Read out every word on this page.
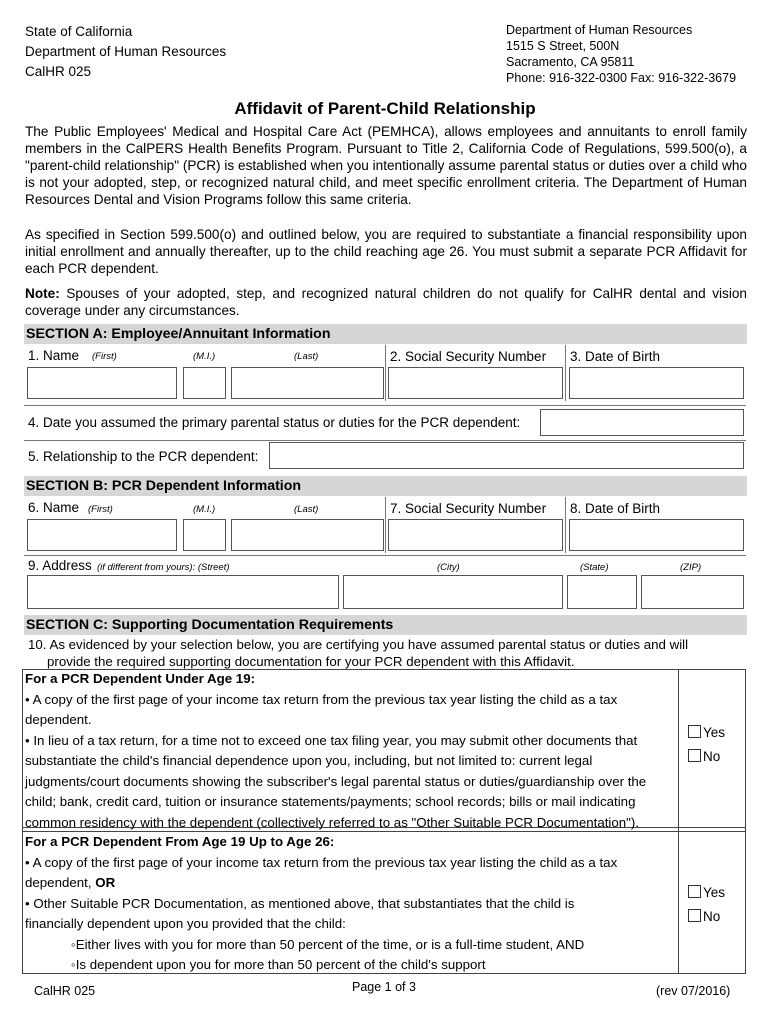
State of California
Department of Human Resources
CalHR 025
Department of Human Resources
1515 S Street, 500N
Sacramento, CA 95811
Phone: 916-322-0300 Fax: 916-322-3679
Affidavit of Parent-Child Relationship
The Public Employees' Medical and Hospital Care Act (PEMHCA), allows employees and annuitants to enroll family members in the CalPERS Health Benefits Program. Pursuant to Title 2, California Code of Regulations, 599.500(o), a "parent-child relationship" (PCR) is established when you intentionally assume parental status or duties over a child who is not your adopted, step, or recognized natural child, and meet specific enrollment criteria. The Department of Human Resources Dental and Vision Programs follow this same criteria.
As specified in Section 599.500(o) and outlined below, you are required to substantiate a financial responsibility upon initial enrollment and annually thereafter, up to the child reaching age 26. You must submit a separate PCR Affidavit for each PCR dependent.
Note: Spouses of your adopted, step, and recognized natural children do not qualify for CalHR dental and vision coverage under any circumstances.
SECTION A: Employee/Annuitant Information
1. Name (First)	(M.I.)	(Last)	2. Social Security Number 3. Date of Birth
4. Date you assumed the primary parental status or duties for the PCR dependent:
5. Relationship to the PCR dependent:
SECTION B: PCR Dependent Information
6. Name (First)	(M.I.)	(Last)	7. Social Security Number 8. Date of Birth
9. Address (if different from yours): (Street)	(City)	(State)	(ZIP)
SECTION C: Supporting Documentation Requirements
10. As evidenced by your selection below, you are certifying you have assumed parental status or duties and will
provide the required supporting documentation for your PCR dependent with this Affidavit.
For a PCR Dependent Under Age 19:
• A copy of the first page of your income tax return from the previous tax year listing the child as a tax dependent.
• In lieu of a tax return, for a time not to exceed one tax filing year, you may submit other documents that substantiate the child's financial dependence upon you, including, but not limited to: current legal judgments/court documents showing the subscriber's legal parental status or duties/guardianship over the child; bank, credit card, tuition or insurance statements/payments; school records; bills or mail indicating common residency with the dependent (collectively referred to as "Other Suitable PCR Documentation").
Yes
No
For a PCR Dependent From Age 19 Up to Age 26:
• A copy of the first page of your income tax return from the previous tax year listing the child as a tax
dependent, OR
• Other Suitable PCR Documentation, as mentioned above, that substantiates that the child is
financially dependent upon you provided that the child:
◦Either lives with you for more than 50 percent of the time, or is a full-time student, AND
◦Is dependent upon you for more than 50 percent of the child's support
Yes
No
CalHR 025	Page 1 of 3	(rev 07/2016)
